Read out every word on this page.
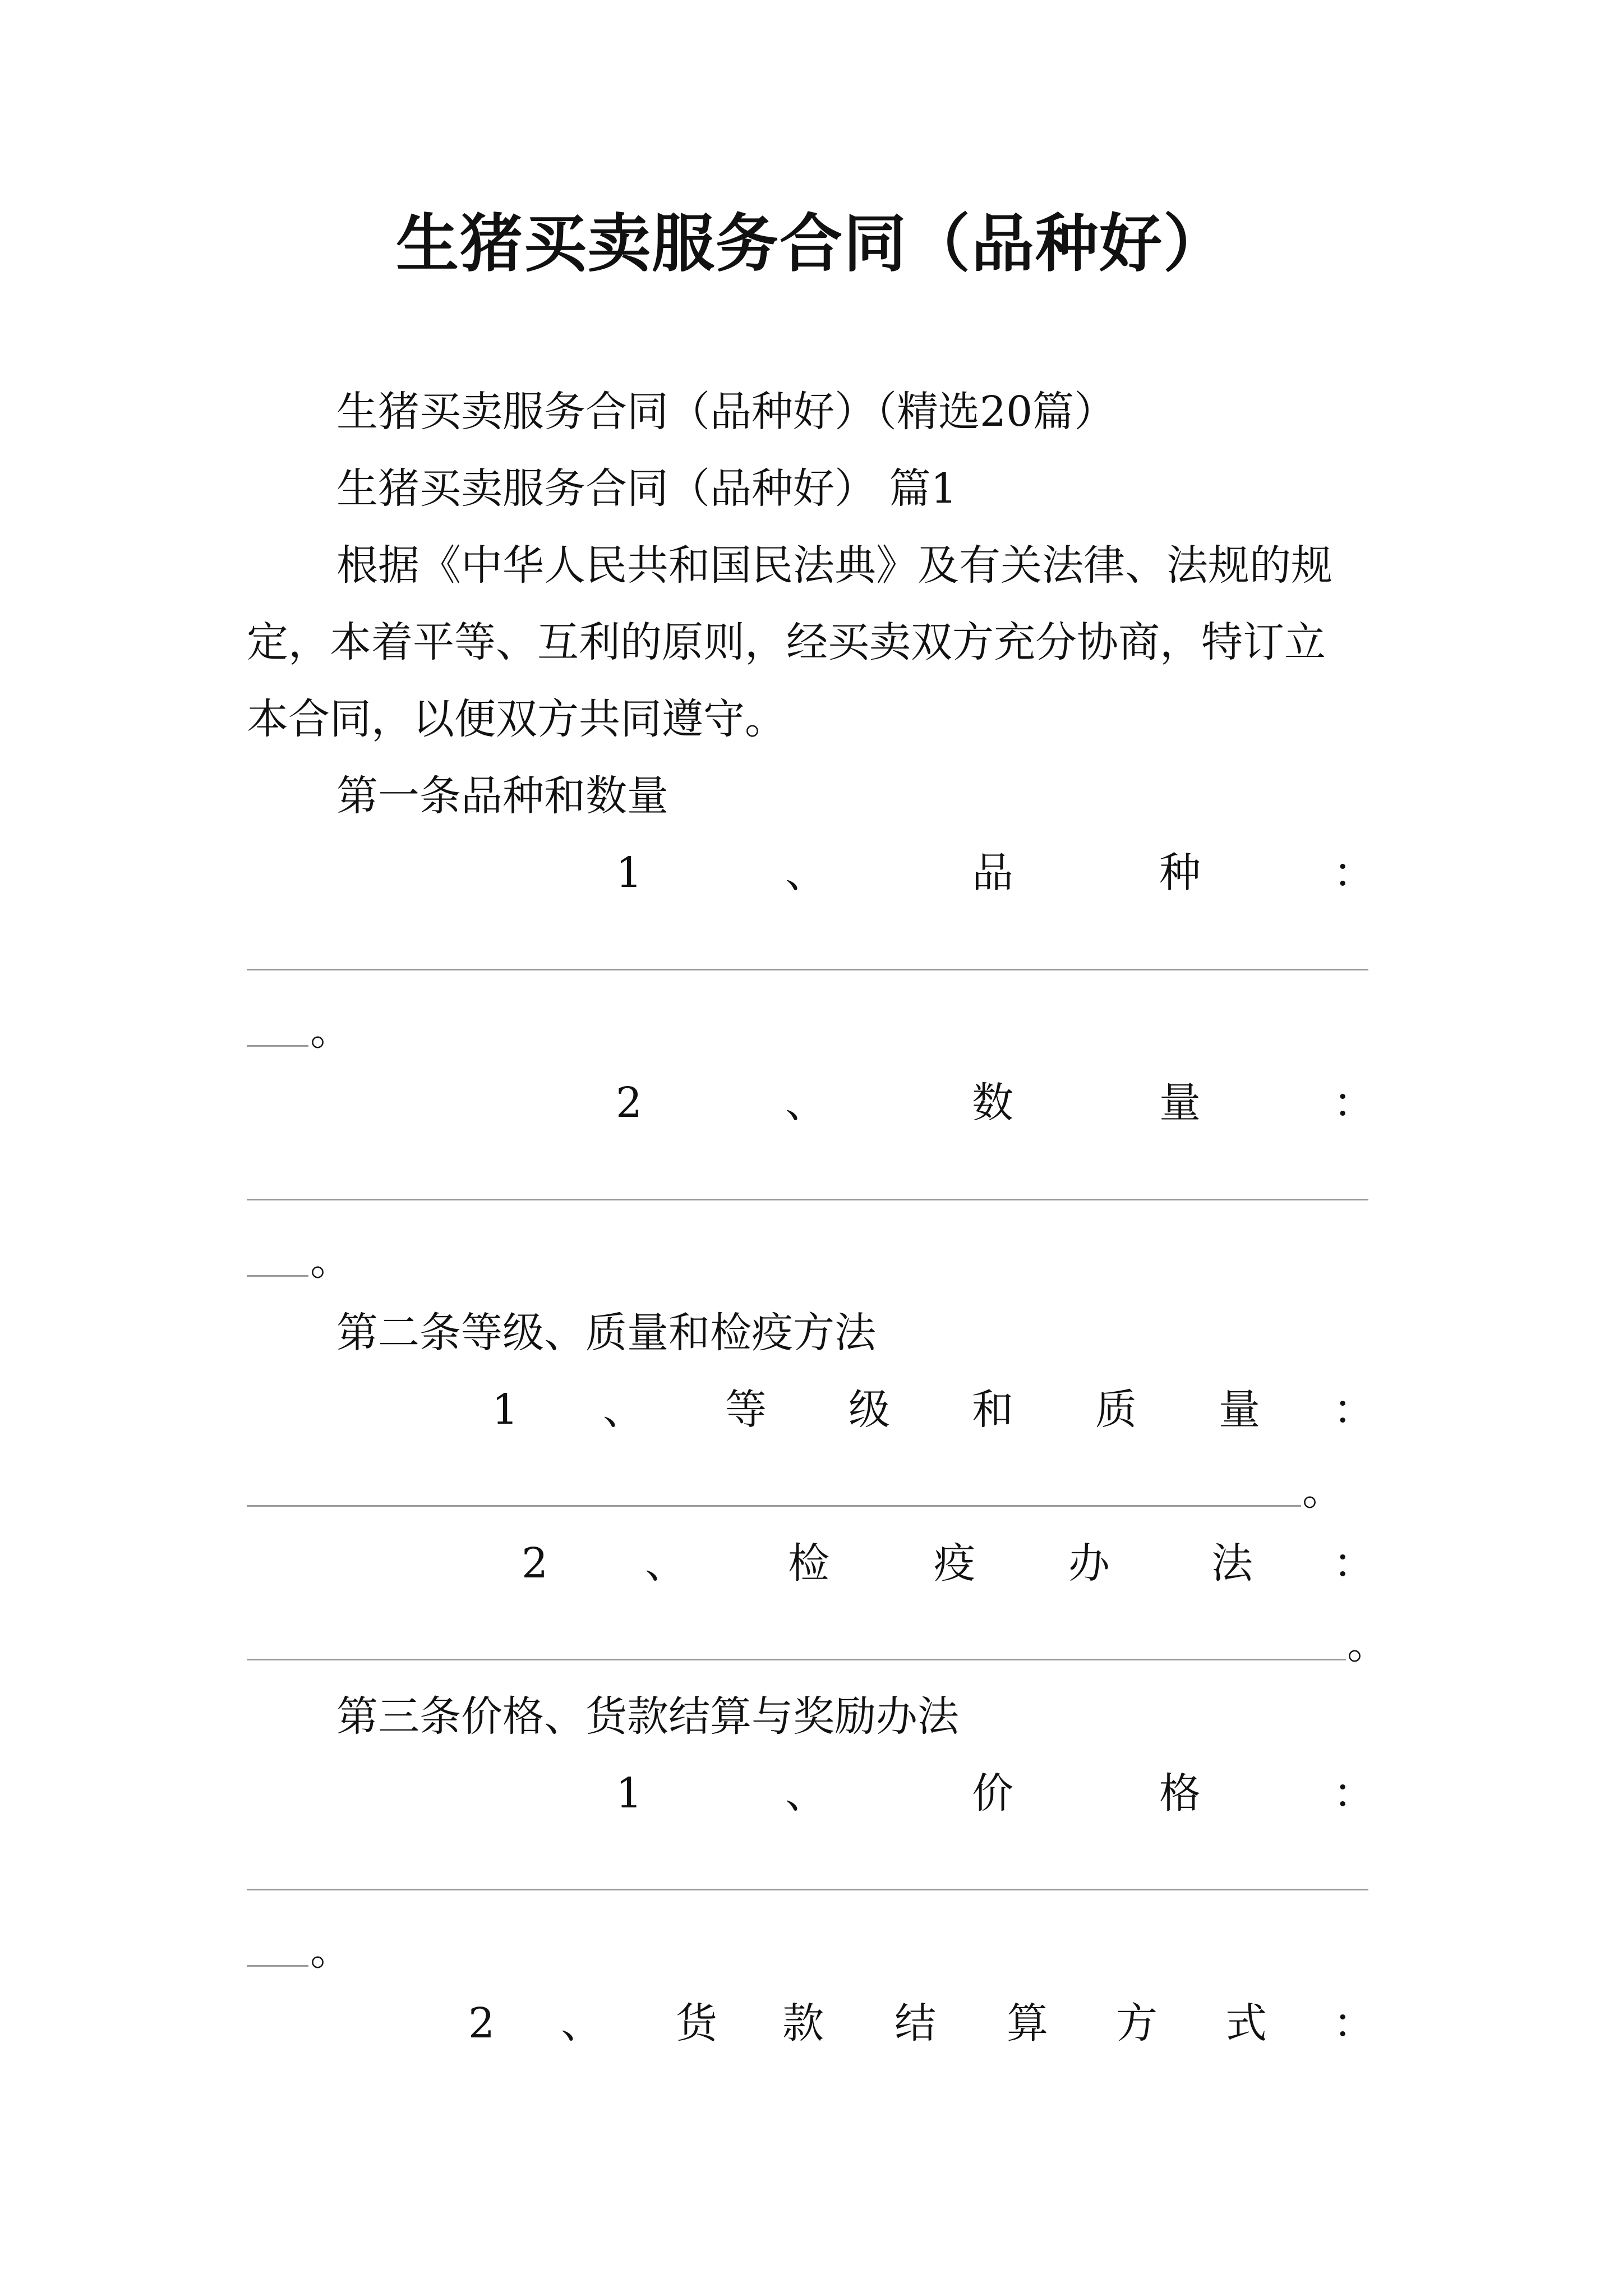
生猪买卖服务合同（品种好）
生猪买卖服务合同（品种好）（精选20篇）
生猪买卖服务合同（品种好） 篇1
根据《中华人民共和国民法典》及有关法律、法规的规
定，本着平等、互利的原则，经买卖双方充分协商，特订立
本合同，以便双方共同遵守。
第一条品种和数量
1	、	品	种	：
。
2	、	数	量	：
。
第二条等级、质量和检疫方法
1 、 等 级 和 质 量 ：
。
2 、 检	疫 办 法 ：
。
第三条价格、货款结算与奖励办法
1	、	价	格	：
。
2 、 货 款 结 算 方 式 ：
